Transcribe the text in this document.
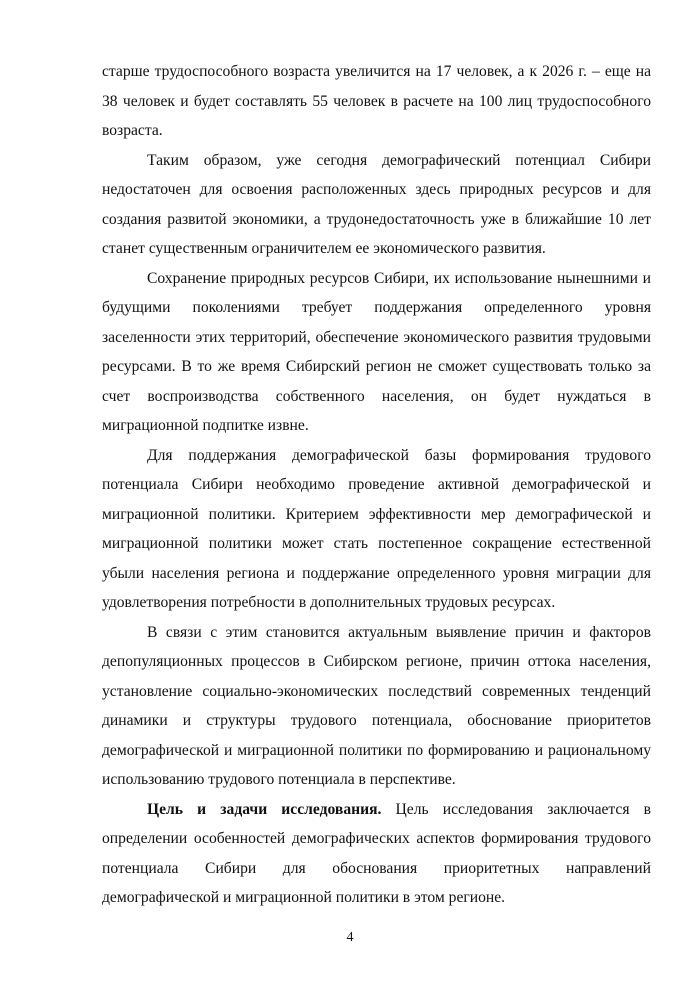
старше трудоспособного возраста увеличится на 17 человек, а к 2026 г. – еще на 38 человек и будет составлять 55 человек в расчете на 100 лиц трудоспособного возраста.

Таким образом, уже сегодня демографический потенциал Сибири недостаточен для освоения расположенных здесь природных ресурсов и для создания развитой экономики, а трудонедостаточность уже в ближайшие 10 лет станет существенным ограничителем ее экономического развития.

Сохранение природных ресурсов Сибири, их использование нынешними и будущими поколениями требует поддержания определенного уровня заселенности этих территорий, обеспечение экономического развития трудовыми ресурсами. В то же время Сибирский регион не сможет существовать только за счет воспроизводства собственного населения, он будет нуждаться в миграционной подпитке извне.

Для поддержания демографической базы формирования трудового потенциала Сибири необходимо проведение активной демографической и миграционной политики. Критерием эффективности мер демографической и миграционной политики может стать постепенное сокращение естественной убыли населения региона и поддержание определенного уровня миграции для удовлетворения потребности в дополнительных трудовых ресурсах.

В связи с этим становится актуальным выявление причин и факторов депопуляционных процессов в Сибирском регионе, причин оттока населения, установление социально-экономических последствий современных тенденций динамики и структуры трудового потенциала, обоснование приоритетов демографической и миграционной политики по формированию и рациональному использованию трудового потенциала в перспективе.

Цель и задачи исследования. Цель исследования заключается в определении особенностей демографических аспектов формирования трудового потенциала Сибири для обоснования приоритетных направлений демографической и миграционной политики в этом регионе.

4
